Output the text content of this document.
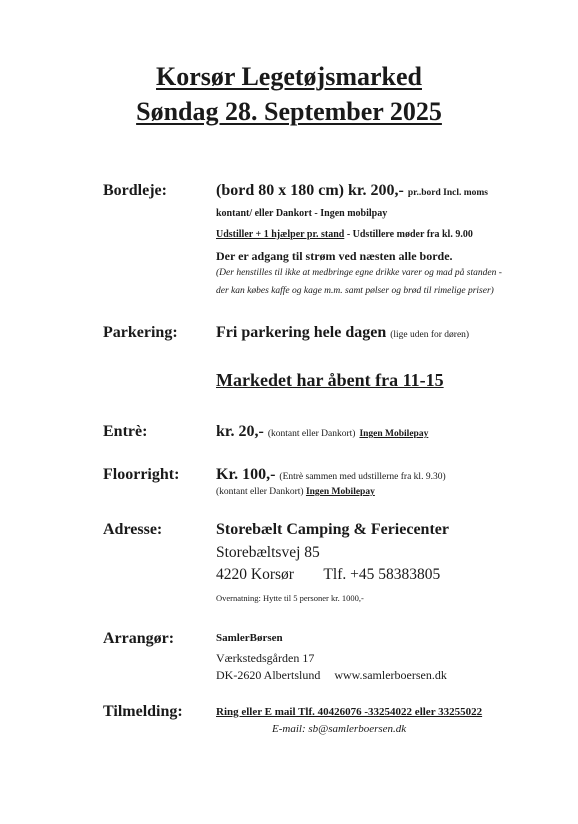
Korsør Legetøjsmarked
Søndag 28. September 2025
Bordleje:	(bord 80 x 180 cm) kr. 200,- pr..bord Incl. moms
kontant/ eller Dankort - Ingen mobilpay
Udstiller + 1 hjælper pr. stand - Udstillere møder fra kl. 9.00
Der er adgang til strøm ved næsten alle borde.
(Der henstilles til ikke at medbringe egne drikke varer og mad på standen -
der kan købes kaffe og kage m.m. samt pølser og brød til rimelige priser)
Parkering: Fri parkering hele dagen (lige uden for døren)
Markedet har åbent fra 11-15
Entrè:	kr. 20,- (kontant eller Dankort) Ingen Mobilepay
Floorright: Kr. 100,- (Entrè sammen med udstillerne fra kl. 9.30)
(kontant eller Dankort) Ingen Mobilepay
Adresse:	Storebælt Camping & Feriecenter
Storebæltsvej 85
4220 Korsør Tlf. +45 58383805
Overnatning: Hytte til 5 personer kr. 1000,-
Arrangør:	SamlerBørsen
Værkstedsgården 17
DK-2620 Albertslund www.samlerboersen.dk
Tilmelding:	Ring eller E mail Tlf. 40426076 -33254022 eller 33255022
E-mail: sb@samlerboersen.dk
